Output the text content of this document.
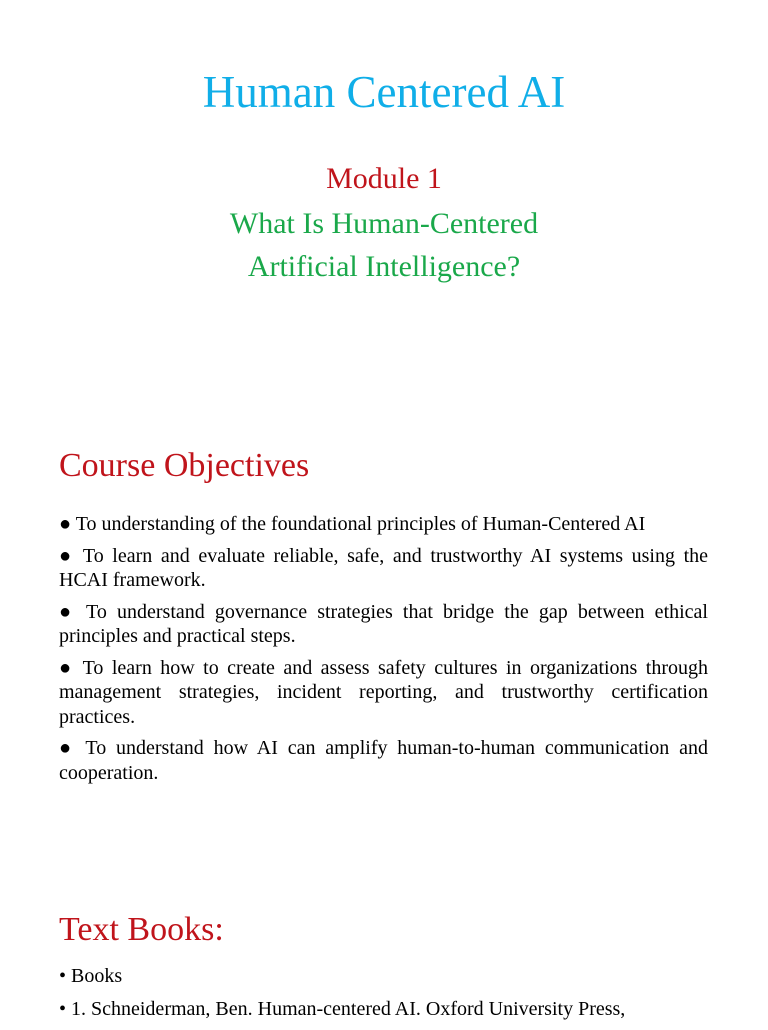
Human Centered AI
Module 1
What Is Human-Centered
Artificial Intelligence?
Course Objectives
● To understanding of the foundational principles of Human-Centered AI
● To learn and evaluate reliable, safe, and trustworthy AI systems using the HCAI framework.
● To understand governance strategies that bridge the gap between ethical principles and practical steps.
● To learn how to create and assess safety cultures in organizations through management strategies, incident reporting, and trustworthy certification practices.
● To understand how AI can amplify human-to-human communication and cooperation.
Text Books:
• Books
• 1. Schneiderman, Ben. Human-centered AI. Oxford University Press,
